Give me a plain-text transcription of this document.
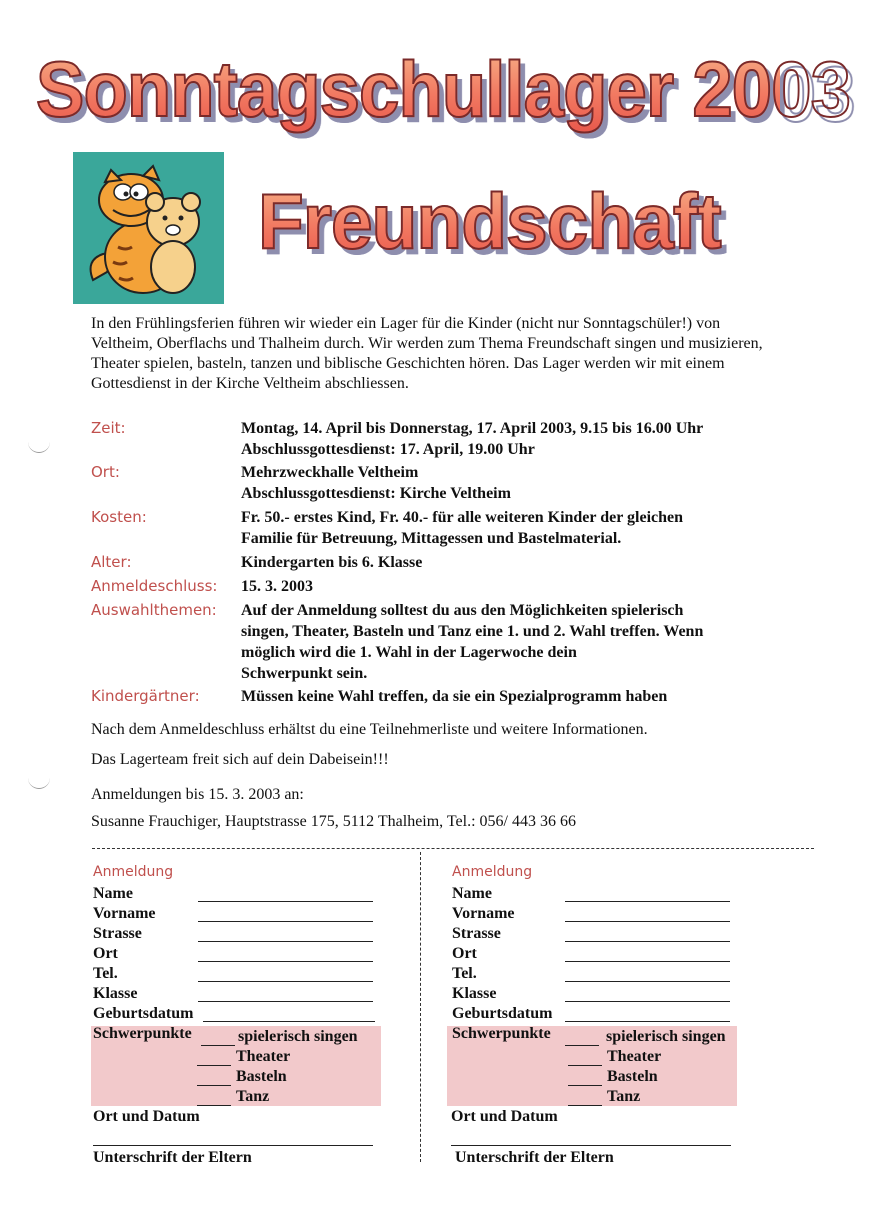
Sonntagschullager 2003
Freundschaft
In den Frühlingsferien führen wir wieder ein Lager für die Kinder (nicht nur Sonntagschüler!) von Veltheim, Oberflachs und Thalheim durch. Wir werden zum Thema Freundschaft singen und musizieren, Theater spielen, basteln, tanzen und biblische Geschichten hören. Das Lager werden wir mit einem Gottesdienst in der Kirche Veltheim abschliessen.
Zeit:	Montag, 14. April bis Donnerstag, 17. April 2003, 9.15 bis 16.00 Uhr
Abschlussgottesdienst: 17. April, 19.00 Uhr
Ort:	Mehrzweckhalle Veltheim
Abschlussgottesdienst: Kirche Veltheim
Kosten:	Fr. 50.- erstes Kind, Fr. 40.- für alle weiteren Kinder der gleichen
Familie für Betreuung, Mittagessen und Bastelmaterial.
Alter:	Kindergarten bis 6. Klasse
Anmeldeschluss: 15. 3. 2003
Auswahlthemen: Auf der Anmeldung solltest du aus den Möglichkeiten spielerisch
singen, Theater, Basteln und Tanz eine 1. und 2. Wahl treffen. Wenn
möglich wird die 1. Wahl in der Lagerwoche dein
Schwerpunkt sein.
Kindergärtner:	Müssen keine Wahl treffen, da sie ein Spezialprogramm haben
Nach dem Anmeldeschluss erhältst du eine Teilnehmerliste und weitere Informationen.
Das Lagerteam freit sich auf dein Dabeisein!!!
Anmeldungen bis 15. 3. 2003 an:
Susanne Frauchiger, Hauptstrasse 175, 5112 Thalheim, Tel.: 056/ 443 36 66
Anmeldung
Name
Vorname
Strasse
Ort
Tel.
Klasse
Geburtsdatum
Schwerpunkte	spielerisch singen
Theater
Basteln
Tanz
Ort und Datum
Unterschrift der Eltern
Anmeldung
Name
Vorname
Strasse
Ort
Tel.
Klasse
Geburtsdatum
Schwerpunkte	spielerisch singen
Theater
Basteln
Tanz
Ort und Datum
Unterschrift der Eltern
